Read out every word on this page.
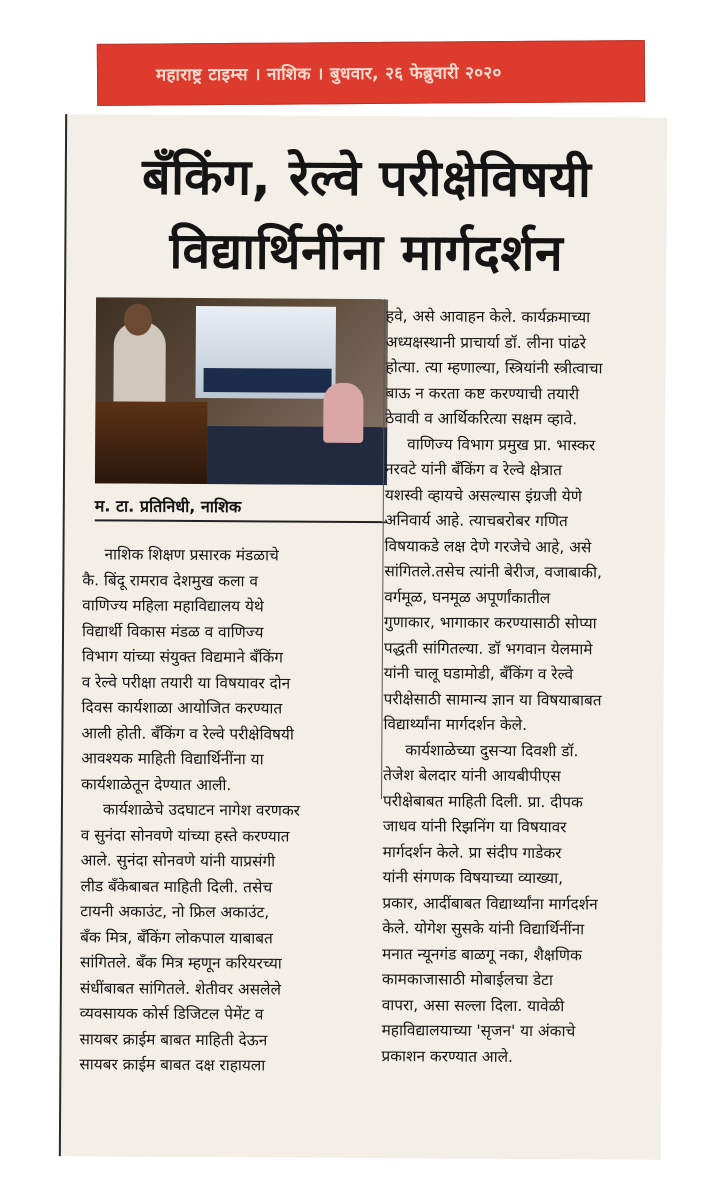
महाराष्ट्र टाइम्स । नाशिक । बुधवार, २६ फेब्रुवारी २०२०
बँकिंग, रेल्वे परीक्षेविषयी
विद्यार्थिनींना मार्गदर्शन
म. टा. प्रतिनिधी, नाशिक

नाशिक शिक्षण प्रसारक मंडळाचे
कै. बिंदू रामराव देशमुख कला व
वाणिज्य महिला महाविद्यालय येथे
विद्यार्थी विकास मंडळ व वाणिज्य
विभाग यांच्या संयुक्त विद्यमाने बँकिंग
व रेल्वे परीक्षा तयारी या विषयावर दोन
दिवस कार्यशाळा आयोजित करण्यात
आली होती. बँकिंग व रेल्वे परीक्षेविषयी
आवश्यक माहिती विद्यार्थिनींना या
कार्यशाळेतून देण्यात आली.

कार्यशाळेचे उदघाटन नागेश वरणकर
व सुनंदा सोनवणे यांच्या हस्ते करण्यात
आले. सुनंदा सोनवणे यांनी याप्रसंगी
लीड बँकेबाबत माहिती दिली. तसेच
टायनी अकाउंट, नो फ्रिल अकाउंट,
बँक मित्र, बँकिंग लोकपाल याबाबत
सांगितले. बँक मित्र म्हणून करियरच्या
संधींबाबत सांगितले. शेतीवर असलेले
व्यवसायक कोर्स डिजिटल पेमेंट व
सायबर क्राईम बाबत माहिती देऊन
सायबर क्राईम बाबत दक्ष राहायला

हवे, असे आवाहन केले. कार्यक्रमाच्या
अध्यक्षस्थानी प्राचार्या डॉ. लीना पांढरे
होत्या. त्या म्हणाल्या, स्त्रियांनी स्त्रीत्वाचा
बाऊ न करता कष्ट करण्याची तयारी
ठेवावी व आर्थिकरित्या सक्षम व्हावे.

वाणिज्य विभाग प्रमुख प्रा. भास्कर
नरवटे यांनी बँकिंग व रेल्वे क्षेत्रात
यशस्वी व्हायचे असल्यास इंग्रजी येणे
अनिवार्य आहे. त्याचबरोबर गणित
विषयाकडे लक्ष देणे गरजेचे आहे, असे
सांगितले.तसेच त्यांनी बेरीज, वजाबाकी,
वर्गमूळ, घनमूळ अपूर्णांकातील
गुणाकार, भागाकार करण्यासाठी सोप्या
पद्धती सांगितल्या. डॉ भगवान येलमामे
यांनी चालू घडामोडी, बँकिंग व रेल्वे
परीक्षेसाठी सामान्य ज्ञान या विषयाबाबत
विद्यार्थ्यांना मार्गदर्शन केले.

कार्यशाळेच्या दुसऱ्या दिवशी डॉ.
तेजेश बेलदार यांनी आयबीपीएस
परीक्षेबाबत माहिती दिली. प्रा. दीपक
जाधव यांनी रिझनिंग या विषयावर
मार्गदर्शन केले. प्रा संदीप गाडेकर
यांनी संगणक विषयाच्या व्याख्या,
प्रकार, आदींबाबत विद्यार्थ्यांना मार्गदर्शन
केले. योगेश सुसके यांनी विद्यार्थिनींना
मनात न्यूनगंड बाळगू नका, शैक्षणिक
कामकाजासाठी मोबाईलचा डेटा
वापरा, असा सल्ला दिला. यावेळी
महाविद्यालयाच्या 'सृजन' या अंकाचे
प्रकाशन करण्यात आले.
